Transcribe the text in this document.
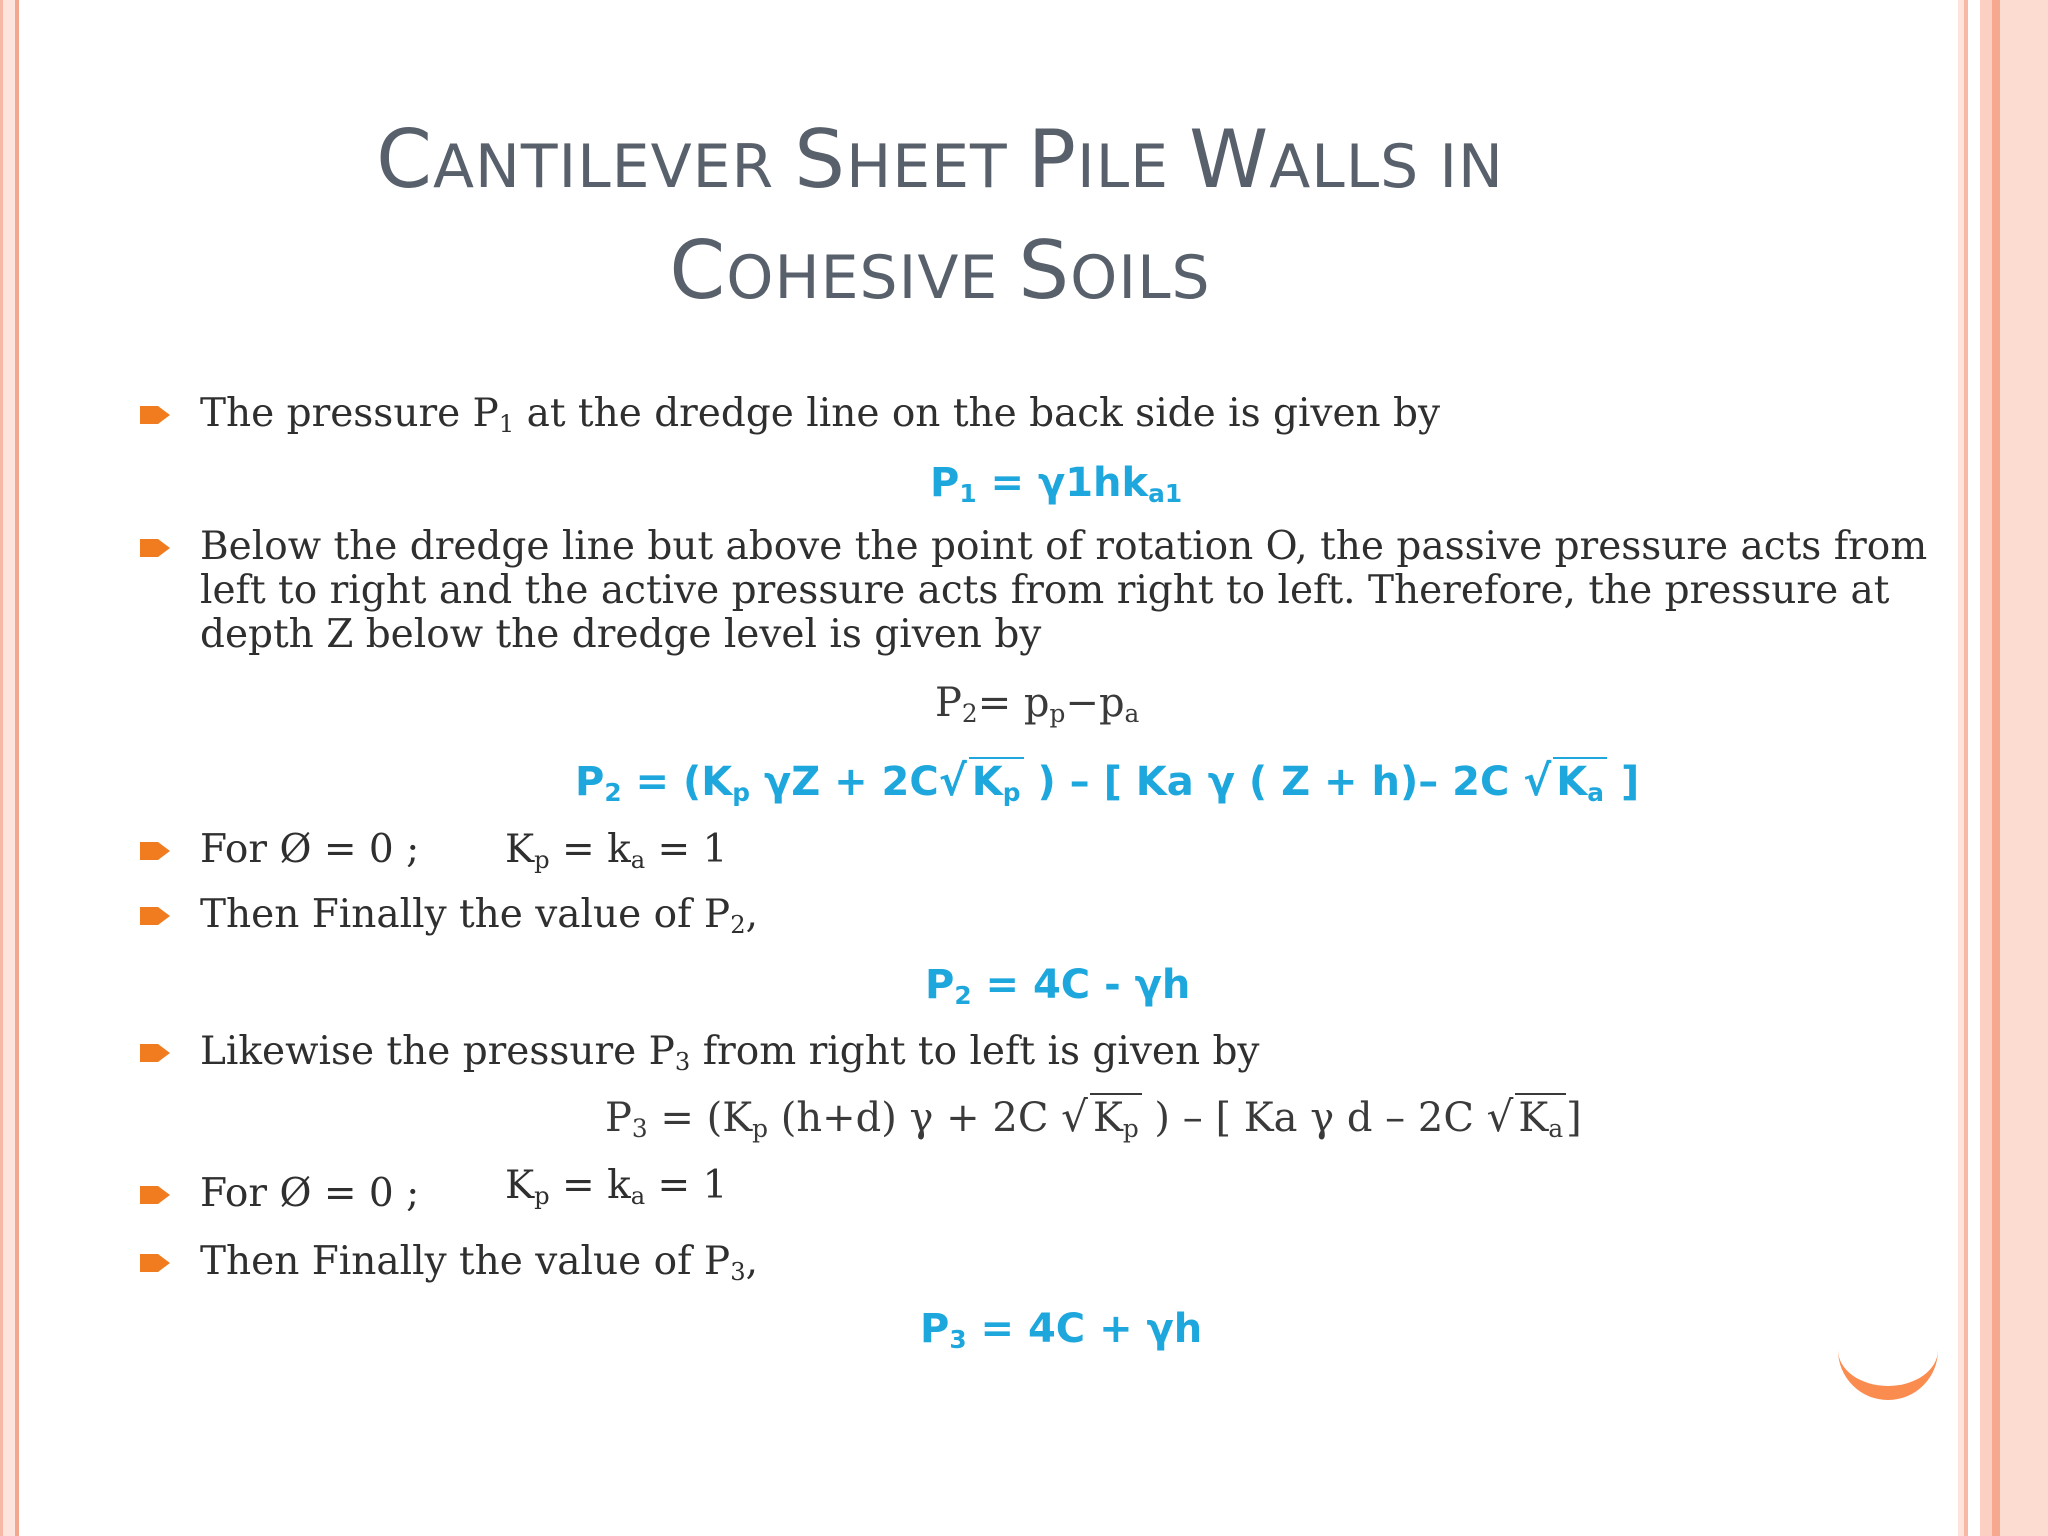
CANTILEVER SHEET PILE WALLS IN
COHESIVE SOILS
The pressure $P_1$ at the dredge line on the back side is given by
$P_1 = \gamma 1hk_{a1}$
Below the dredge line but above the point of rotation O, the passive pressure acts from left to right and the active pressure acts from right to left. Therefore, the pressure at depth Z below the dredge level is given by
$P_2= p_p-p_a$
$P_2 = (K_p$ γZ + 2C√ $K_p$ ) – [ Ka γ ( Z + h)– 2C √ $K_a$ ]
For Ø = 0 ; $K_p = k_a = 1$
Then Finally the value of $P_2$,
$P_2 = 4C - \gamma h$
Likewise the pressure $P_3$ from right to left is given by
$P_3 = (K_p$ (h+d) γ + 2C √ $K_p$ ) – [ Ka γ d – 2C √ $K_a$]
For Ø = 0 ; $K_p = k_a = 1$
Then Finally the value of $P_3$,
$P_3 = 4C + \gamma h$
